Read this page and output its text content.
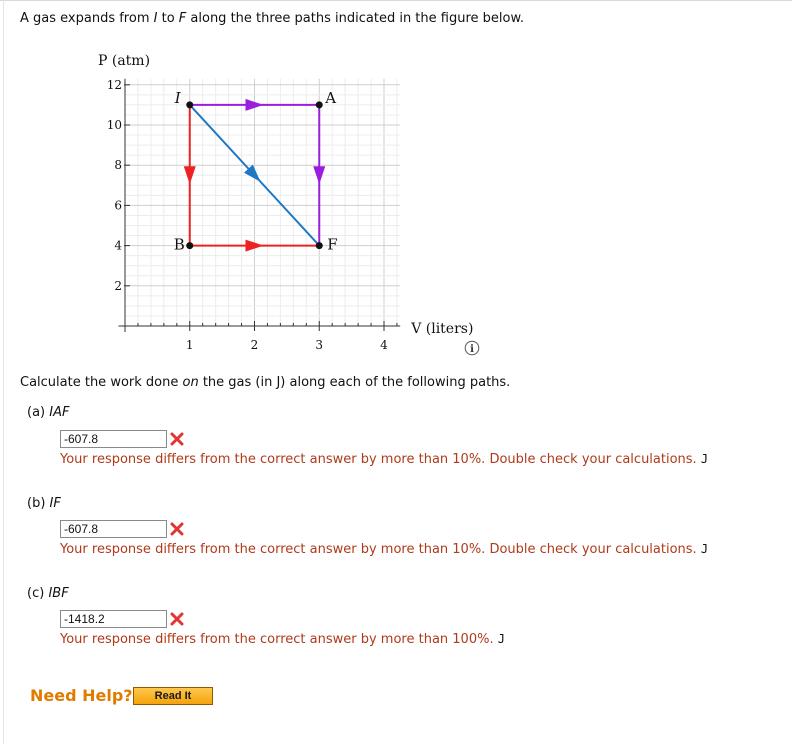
A gas expands from I to F along the three paths indicated in the figure below.
2
4
6
8
10
12
1	2	3	4
P (atm)
V (liters)
I	A
B	F
i
Calculate the work done on the gas (in J) along each of the following paths.
(a) IAF
-607.8
Your response differs from the correct answer by more than 10%. Double check your calculations. J
(b) IF
-607.8
Your response differs from the correct answer by more than 10%. Double check your calculations. J
(c) IBF
-1418.2
Your response differs from the correct answer by more than 100%. J
Need Help?	Read It
